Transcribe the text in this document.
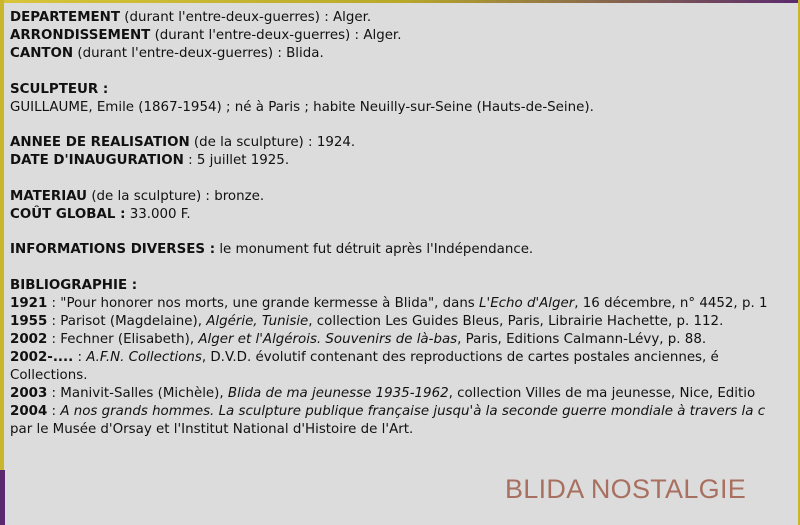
DEPARTEMENT (durant l'entre-deux-guerres) : Alger.
ARRONDISSEMENT (durant l'entre-deux-guerres) : Alger.
CANTON (durant l'entre-deux-guerres) : Blida.
SCULPTEUR :
GUILLAUME, Emile (1867-1954) ; né à Paris ; habite Neuilly-sur-Seine (Hauts-de-Seine).
ANNEE DE REALISATION (de la sculpture) : 1924.
DATE D'INAUGURATION : 5 juillet 1925.
MATERIAU (de la sculpture) : bronze.
COÛT GLOBAL : 33.000 F.
INFORMATIONS DIVERSES : le monument fut détruit après l'Indépendance.
BIBLIOGRAPHIE :
1921 : "Pour honorer nos morts, une grande kermesse à Blida", dans L'Echo d'Alger, 16 décembre, n° 4452, p. 1
1955 : Parisot (Magdelaine), Algérie, Tunisie, collection Les Guides Bleus, Paris, Librairie Hachette, p. 112.
2002 : Fechner (Elisabeth), Alger et l'Algérois. Souvenirs de là-bas, Paris, Editions Calmann-Lévy, p. 88.
2002-.... : A.F.N. Collections, D.V.D. évolutif contenant des reproductions de cartes postales anciennes, é
Collections.
2003 : Manivit-Salles (Michèle), Blida de ma jeunesse 1935-1962, collection Villes de ma jeunesse, Nice, Editio
2004 : A nos grands hommes. La sculpture publique française jusqu'à la seconde guerre mondiale à travers la c
par le Musée d'Orsay et l'Institut National d'Histoire de l'Art.
BLIDA NOSTALGIE
